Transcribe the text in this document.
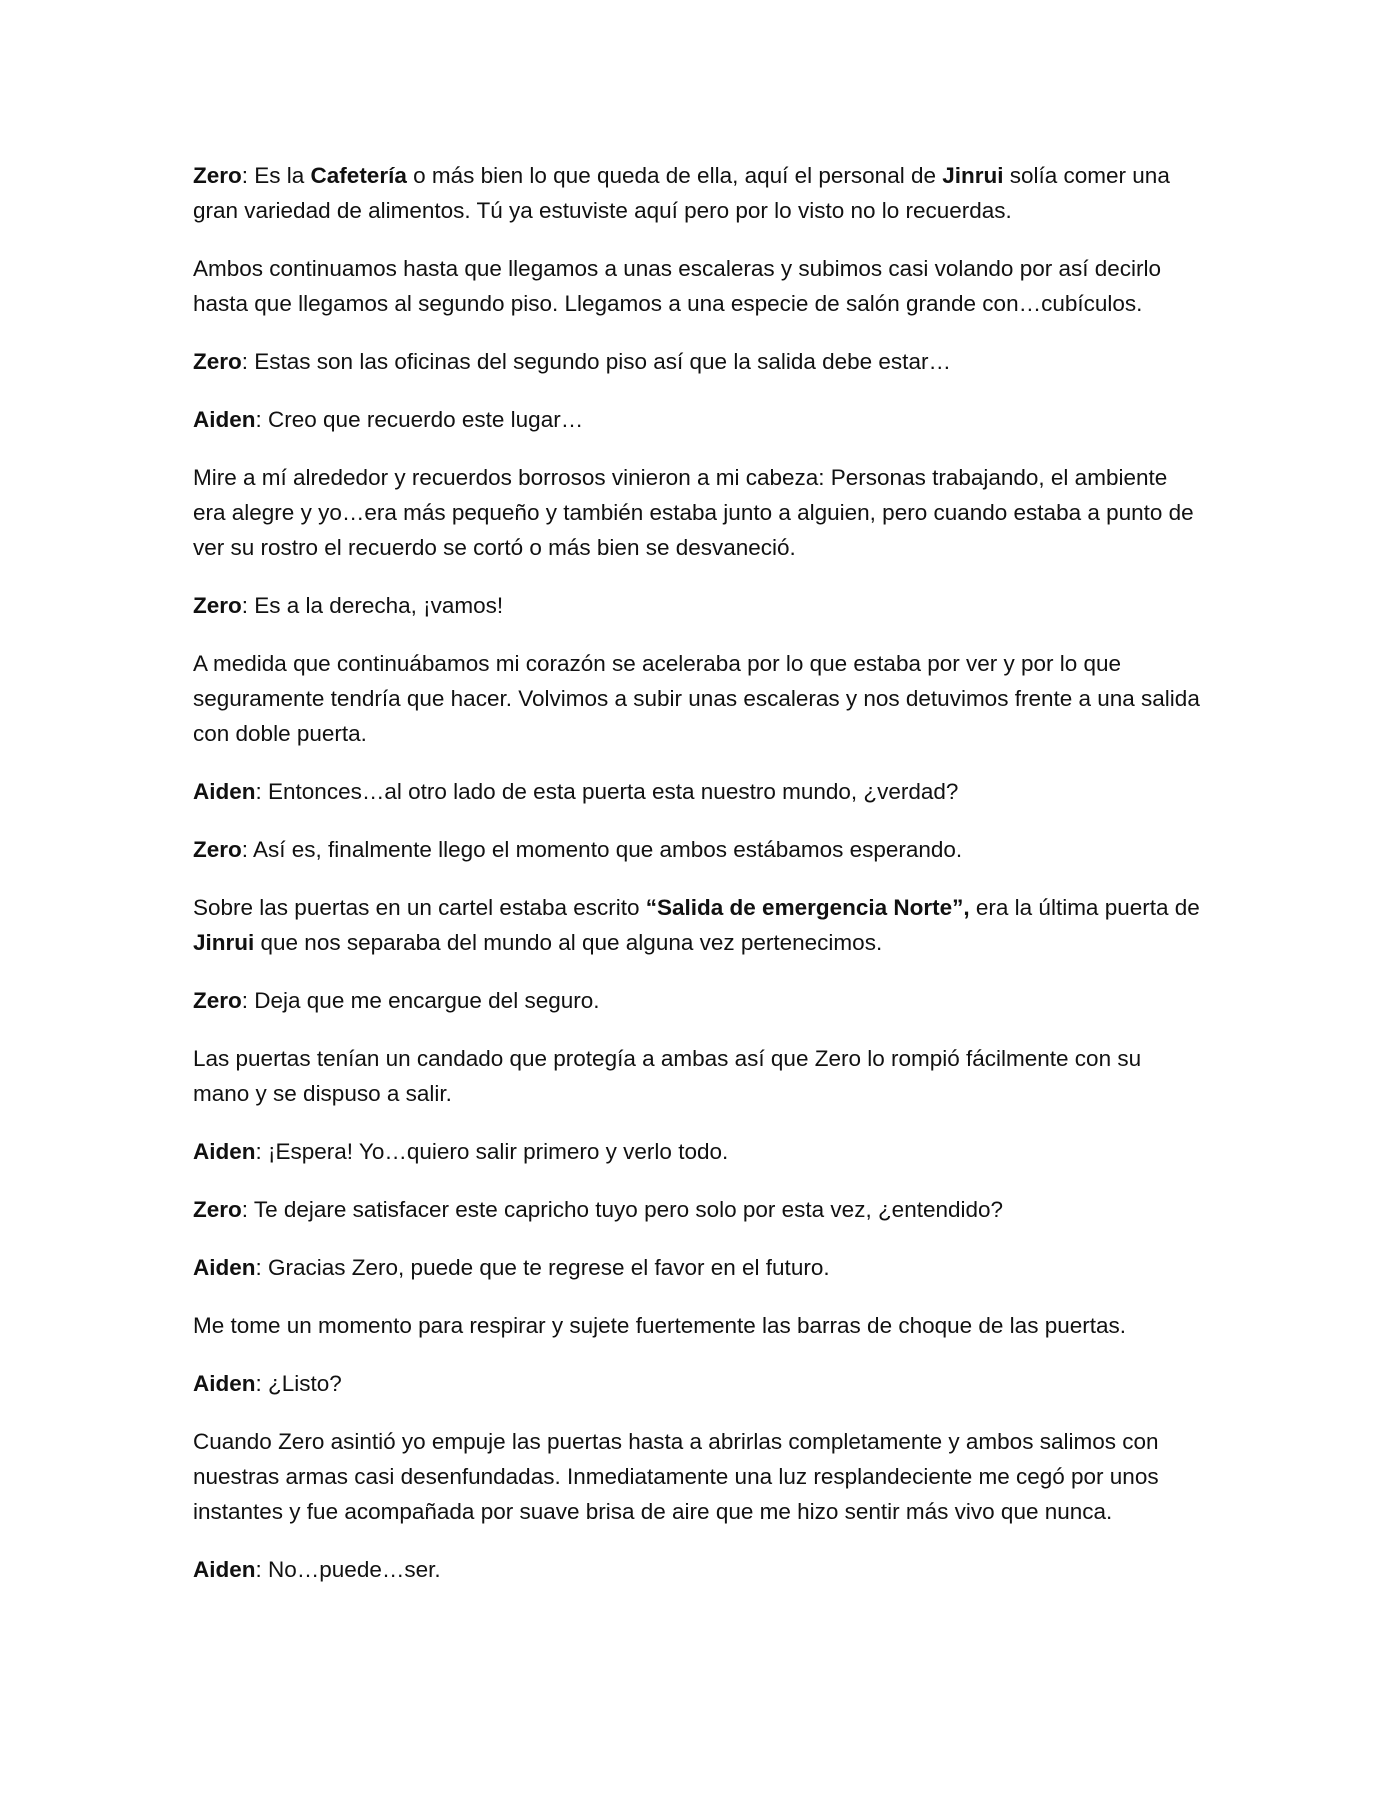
Zero: Es la Cafetería o más bien lo que queda de ella, aquí el personal de Jinrui solía comer una gran variedad de alimentos. Tú ya estuviste aquí pero por lo visto no lo recuerdas.

Ambos continuamos hasta que llegamos a unas escaleras y subimos casi volando por así decirlo hasta que llegamos al segundo piso. Llegamos a una especie de salón grande con…cubículos.

Zero: Estas son las oficinas del segundo piso así que la salida debe estar…

Aiden: Creo que recuerdo este lugar…

Mire a mí alrededor y recuerdos borrosos vinieron a mi cabeza: Personas trabajando, el ambiente era alegre y yo…era más pequeño y también estaba junto a alguien, pero cuando estaba a punto de ver su rostro el recuerdo se cortó o más bien se desvaneció.

Zero: Es a la derecha, ¡vamos!

A medida que continuábamos mi corazón se aceleraba por lo que estaba por ver y por lo que seguramente tendría que hacer. Volvimos a subir unas escaleras y nos detuvimos frente a una salida con doble puerta.

Aiden: Entonces…al otro lado de esta puerta esta nuestro mundo, ¿verdad?

Zero: Así es, finalmente llego el momento que ambos estábamos esperando.

Sobre las puertas en un cartel estaba escrito “Salida de emergencia Norte”, era la última puerta de Jinrui que nos separaba del mundo al que alguna vez pertenecimos.

Zero: Deja que me encargue del seguro.

Las puertas tenían un candado que protegía a ambas así que Zero lo rompió fácilmente con su mano y se dispuso a salir.

Aiden: ¡Espera! Yo…quiero salir primero y verlo todo.

Zero: Te dejare satisfacer este capricho tuyo pero solo por esta vez, ¿entendido?

Aiden: Gracias Zero, puede que te regrese el favor en el futuro.

Me tome un momento para respirar y sujete fuertemente las barras de choque de las puertas.

Aiden: ¿Listo?

Cuando Zero asintió yo empuje las puertas hasta a abrirlas completamente y ambos salimos con nuestras armas casi desenfundadas. Inmediatamente una luz resplandeciente me cegó por unos instantes y fue acompañada por suave brisa de aire que me hizo sentir más vivo que nunca.

Aiden: No…puede…ser.
